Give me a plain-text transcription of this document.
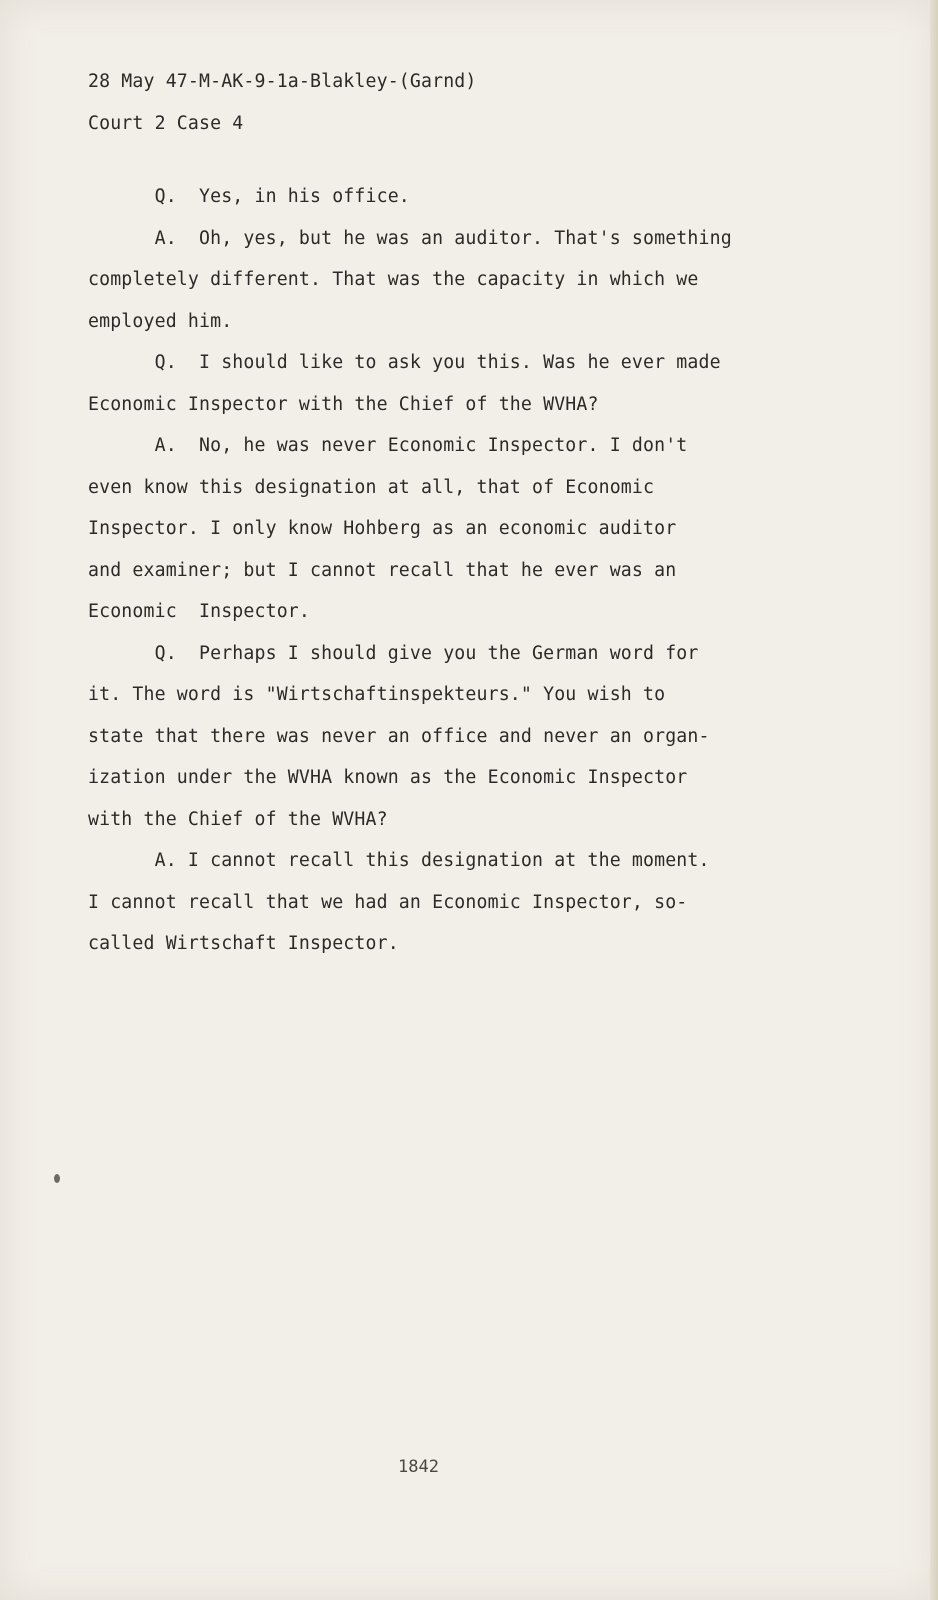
28 May 47-M-AK-9-1a-Blakley-(Garnd)
Court 2 Case 4

Q.  Yes, in his office.

A.  Oh, yes, but he was an auditor. That's something

completely different. That was the capacity in which we

employed him.

Q.  I should like to ask you this. Was he ever made

Economic Inspector with the Chief of the WVHA?

A.  No, he was never Economic Inspector. I don't

even know this designation at all, that of Economic

Inspector. I only know Hohberg as an economic auditor

and examiner; but I cannot recall that he ever was an

Economic  Inspector.

Q.  Perhaps I should give you the German word for

it. The word is "Wirtschaftinspekteurs." You wish to

state that there was never an office and never an organ-

ization under the WVHA known as the Economic Inspector

with the Chief of the WVHA?

A. I cannot recall this designation at the moment.

I cannot recall that we had an Economic Inspector, so-

called Wirtschaft Inspector.

1842
